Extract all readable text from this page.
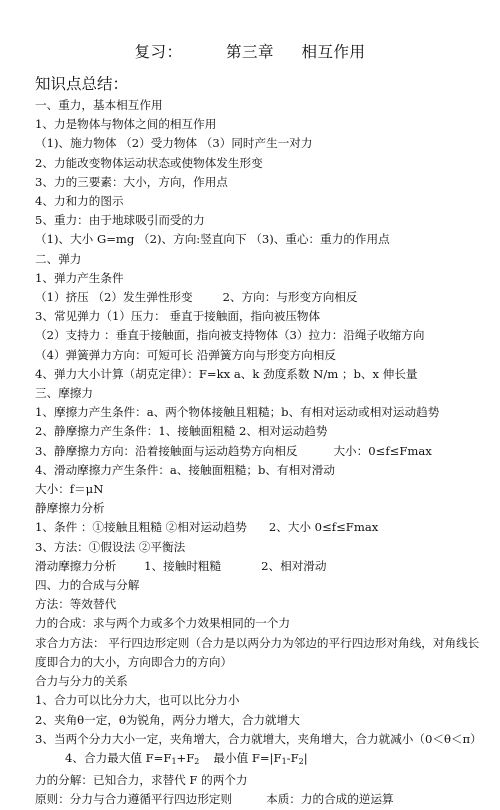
复习：	第三章 相互作用
知识点总结：
一、重力，基本相互作用
1、力是物体与物体之间的相互作用
（1)、施力物体 （2）受力物体 （3）同时产生一对力
2、力能改变物体运动状态或使物体发生形变
3、力的三要素：大小，方向，作用点
4、力和力的图示
5、重力：由于地球吸引而受的力
（1)、大小 G=mg （2)、方向:竖直向下 （3)、重心：重力的作用点
二、弹力
1、弹力产生条件
（1）挤压 （2）发生弹性形变	2、方向：与形变方向相反
3、常见弹力（1）压力： 垂直于接触面，指向被压物体
（2）支持力 ：垂直于接触面，指向被支持物体（3）拉力：沿绳子收缩方向
（4）弹簧弹力方向：可短可长 沿弹簧方向与形变方向相反
4、弹力大小计算（胡克定律）：F=kx a、k 劲度系数 N/m ；b、x 伸长量
三、摩擦力
1、摩擦力产生条件：a、两个物体接触且粗糙；b、有相对运动或相对运动趋势
2、静摩擦力产生条件：1、接触面粗糙 2、相对运动趋势
3、静摩擦力方向：沿着接触面与运动趋势方向相反	大小：0≤f≤Fmax
4、滑动摩擦力产生条件：a、接触面粗糙；b、有相对滑动
大小：f＝μN
静摩擦力分析
1、条件 ：①接触且粗糙 ②相对运动趋势 2、大小 0≤f≤Fmax
3、方法：①假设法 ②平衡法
滑动摩擦力分析 1、接触时粗糙	2、相对滑动
四、力的合成与分解
方法：等效替代
力的合成：求与两个力或多个力效果相同的一个力
求合力方法： 平行四边形定则（合力是以两分力为邻边的平行四边形对角线，对角线长度即合力的大小，方向即合力的方向）
合力与分力的关系
1、合力可以比分力大，也可以比分力小
2、夹角θ一定，θ为锐角，两分力增大，合力就增大
3、当两个分力大小一定，夹角增大，合力就增大，夹角增大，合力就减小（0＜θ＜π）4、合力最大值 $F=F_1+F_2$ 最小值 $F=|F_1-F_2|$
力的分解：已知合力，求替代 F 的两个力
原则：分力与合力遵循平行四边形定则	本质：力的合成的逆运算
